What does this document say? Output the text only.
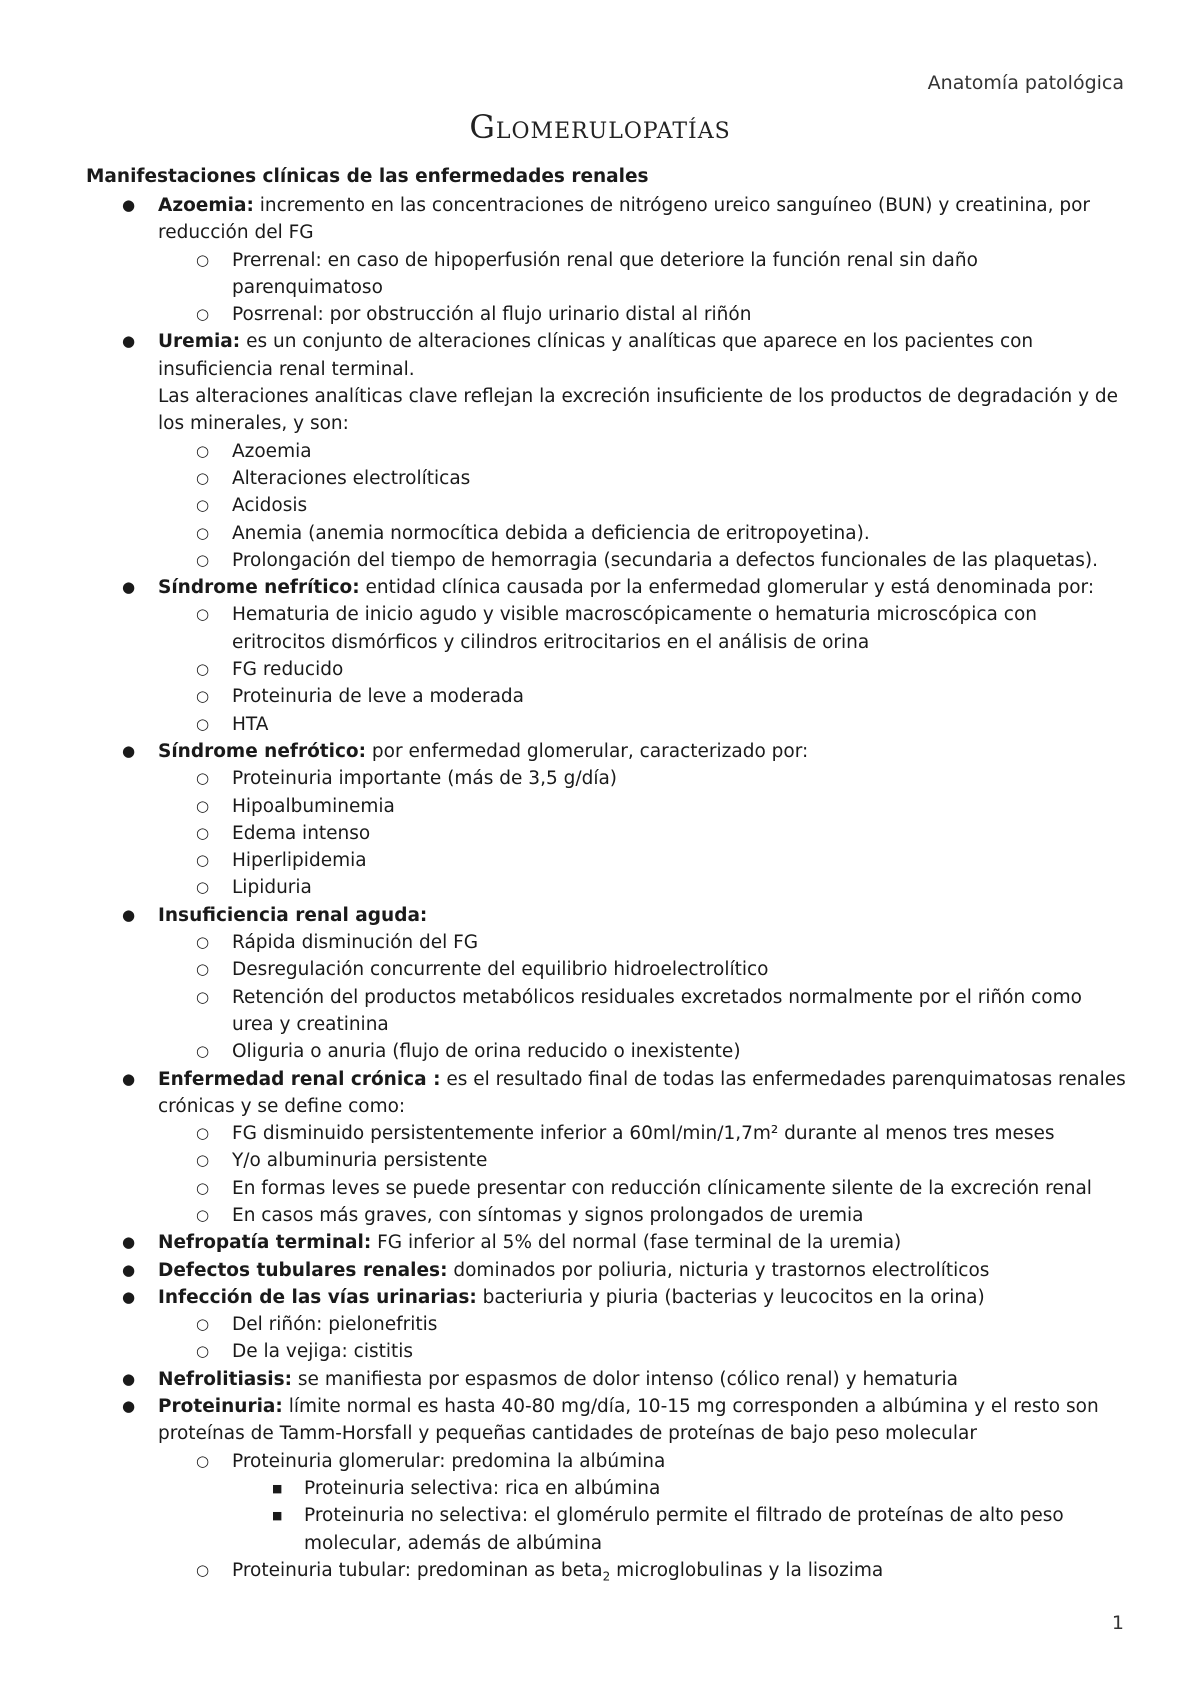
Anatomía patológica
Glomerulopatías
Manifestaciones clínicas de las enfermedades renales
● Azoemia: incremento en las concentraciones de nitrógeno ureico sanguíneo (BUN) y creatinina, por reducción del FG
○ Prerrenal: en caso de hipoperfusión renal que deteriore la función renal sin daño parenquimatoso
○ Posrrenal: por obstrucción al flujo urinario distal al riñón
● Uremia: es un conjunto de alteraciones clínicas y analíticas que aparece en los pacientes con insuficiencia renal terminal.
Las alteraciones analíticas clave reflejan la excreción insuficiente de los productos de degradación y de los minerales, y son:
○ Azoemia
○ Alteraciones electrolíticas
○ Acidosis
○ Anemia (anemia normocítica debida a deficiencia de eritropoyetina).
○ Prolongación del tiempo de hemorragia (secundaria a defectos funcionales de las plaquetas).
● Síndrome nefrítico: entidad clínica causada por la enfermedad glomerular y está denominada por:
○ Hematuria de inicio agudo y visible macroscópicamente o hematuria microscópica con eritrocitos dismórficos y cilindros eritrocitarios en el análisis de orina
○ FG reducido
○ Proteinuria de leve a moderada
○ HTA
● Síndrome nefrótico: por enfermedad glomerular, caracterizado por:
○ Proteinuria importante (más de 3,5 g/día)
○ Hipoalbuminemia
○ Edema intenso
○ Hiperlipidemia
○ Lipiduria
● Insuficiencia renal aguda:
○ Rápida disminución del FG
○ Desregulación concurrente del equilibrio hidroelectrolítico
○ Retención del productos metabólicos residuales excretados normalmente por el riñón como urea y creatinina
○ Oliguria o anuria (flujo de orina reducido o inexistente)
● Enfermedad renal crónica : es el resultado final de todas las enfermedades parenquimatosas renales crónicas y se define como:
○ FG disminuido persistentemente inferior a 60ml/min/1,7m² durante al menos tres meses
○ Y/o albuminuria persistente
○ En formas leves se puede presentar con reducción clínicamente silente de la excreción renal
○ En casos más graves, con síntomas y signos prolongados de uremia
● Nefropatía terminal: FG inferior al 5% del normal (fase terminal de la uremia)
● Defectos tubulares renales: dominados por poliuria, nicturia y trastornos electrolíticos
● Infección de las vías urinarias: bacteriuria y piuria (bacterias y leucocitos en la orina)
○ Del riñón: pielonefritis
○ De la vejiga: cistitis
● Nefrolitiasis: se manifiesta por espasmos de dolor intenso (cólico renal) y hematuria
● Proteinuria: límite normal es hasta 40-80 mg/día, 10-15 mg corresponden a albúmina y el resto son proteínas de Tamm-Horsfall y pequeñas cantidades de proteínas de bajo peso molecular
○ Proteinuria glomerular: predomina la albúmina
■ Proteinuria selectiva: rica en albúmina
■ Proteinuria no selectiva: el glomérulo permite el filtrado de proteínas de alto peso molecular, además de albúmina
○ Proteinuria tubular: predominan as beta$_2$ microglobulinas y la lisozima
1
